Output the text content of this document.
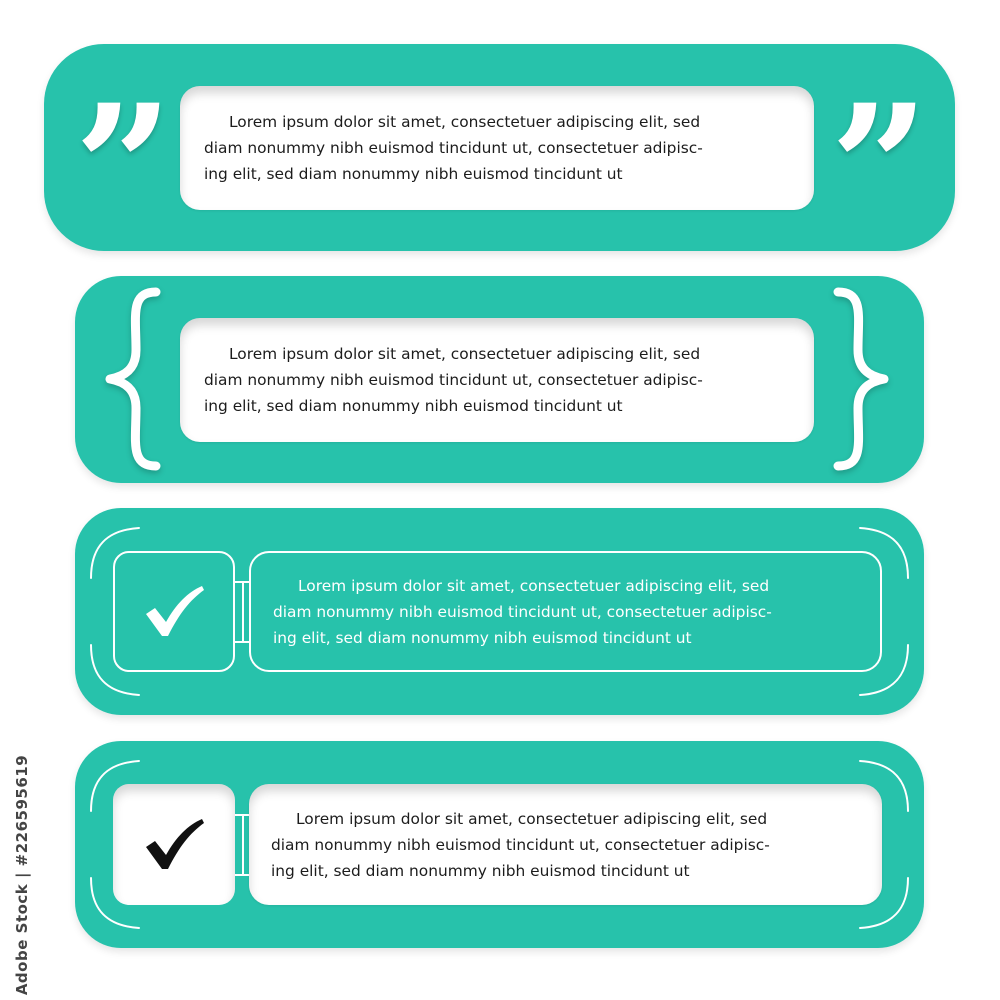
”	”

Lorem ipsum dolor sit amet, consectetuer adipiscing elit, sed
diam nonummy nibh euismod tincidunt ut, consectetuer adipisc-
ing elit, sed diam nonummy nibh euismod tincidunt ut

Lorem ipsum dolor sit amet, consectetuer adipiscing elit, sed
diam nonummy nibh euismod tincidunt ut, consectetuer adipisc-
ing elit, sed diam nonummy nibh euismod tincidunt ut

Lorem ipsum dolor sit amet, consectetuer adipiscing elit, sed
diam nonummy nibh euismod tincidunt ut, consectetuer adipisc-
ing elit, sed diam nonummy nibh euismod tincidunt ut

Lorem ipsum dolor sit amet, consectetuer adipiscing elit, sed
diam nonummy nibh euismod tincidunt ut, consectetuer adipisc-
ing elit, sed diam nonummy nibh euismod tincidunt ut

Adobe Stock | #226595619
